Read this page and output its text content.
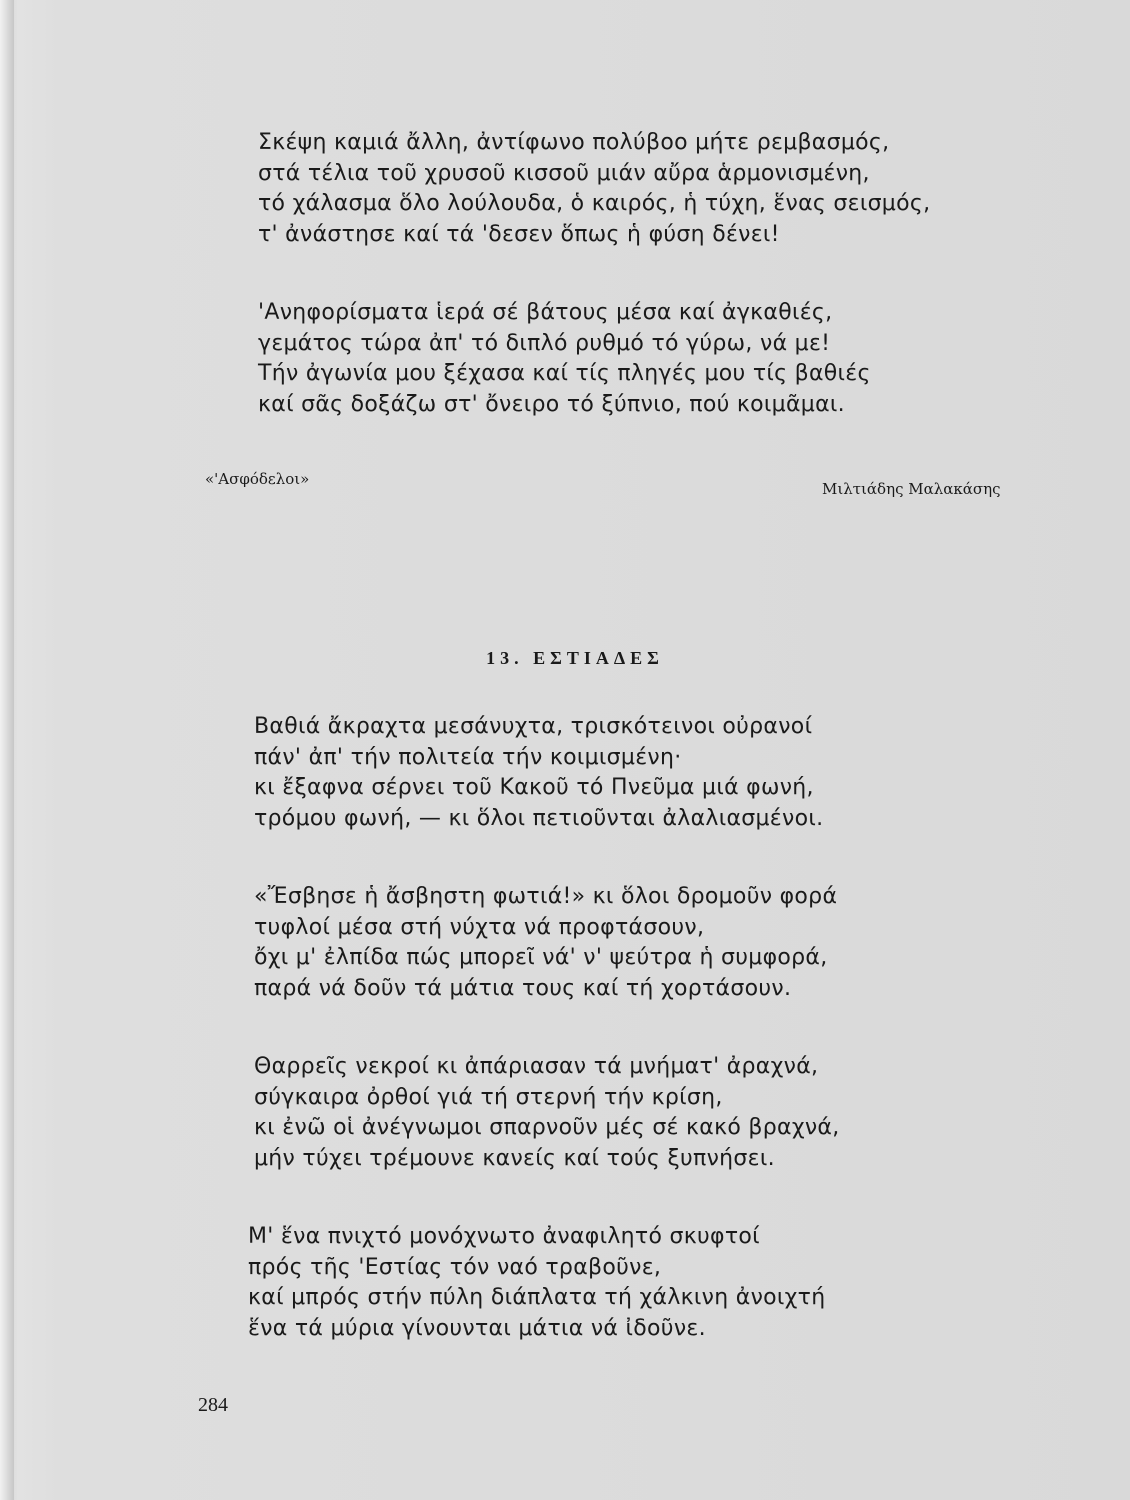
Σκέψη καμιά ἄλλη, ἀντίφωνο πολύβοο μήτε ρεμβασμός,
στά τέλια τοῦ χρυσοῦ κισσοῦ μιάν αὔρα ἁρμονισμένη,
τό χάλασμα ὅλο λούλουδα, ὁ καιρός, ἡ τύχη, ἕνας σεισμός,
τ' ἀνάστησε καί τά 'δεσεν ὅπως ἡ φύση δένει!
'Ανηφορίσματα ἱερά σέ βάτους μέσα καί ἀγκαθιές,
γεμάτος τώρα ἀπ' τό διπλό ρυθμό τό γύρω, νά με!
Τήν ἀγωνία μου ξέχασα καί τίς πληγές μου τίς βαθιές
καί σᾶς δοξάζω στ' ὄνειρο τό ξύπνιο, πού κοιμᾶμαι.
«'Ασφόδελοι»
Μιλτιάδης Μαλακάσης
13. ΕΣΤΙΑΔΕΣ
Βαθιά ἄκραχτα μεσάνυχτα, τρισκότεινοι οὐρανοί
πάν' ἀπ' τήν πολιτεία τήν κοιμισμένη·
κι ἔξαφνα σέρνει τοῦ Κακοῦ τό Πνεῦμα μιά φωνή,
τρόμου φωνή, — κι ὅλοι πετιοῦνται ἀλαλιασμένοι.
«Ἔσβησε ἡ ἄσβηστη φωτιά!» κι ὅλοι δρομοῦν φορά
τυφλοί μέσα στή νύχτα νά προφτάσουν,
ὄχι μ' ἐλπίδα πώς μπορεῖ νά' ν' ψεύτρα ἡ συμφορά,
παρά νά δοῦν τά μάτια τους καί τή χορτάσουν.
Θαρρεῖς νεκροί κι ἀπάριασαν τά μνήματ' ἀραχνά,
σύγκαιρα ὀρθοί γιά τή στερνή τήν κρίση,
κι ἐνῶ οἱ ἀνέγνωμοι σπαρνοῦν μές σέ κακό βραχνά,
μήν τύχει τρέμουνε κανείς καί τούς ξυπνήσει.
Μ' ἕνα πνιχτό μονόχνωτο ἀναφιλητό σκυφτοί
πρός τῆς 'Εστίας τόν ναό τραβοῦνε,
καί μπρός στήν πύλη διάπλατα τή χάλκινη ἀνοιχτή
ἕνα τά μύρια γίνουνται μάτια νά ἰδοῦνε.
284
